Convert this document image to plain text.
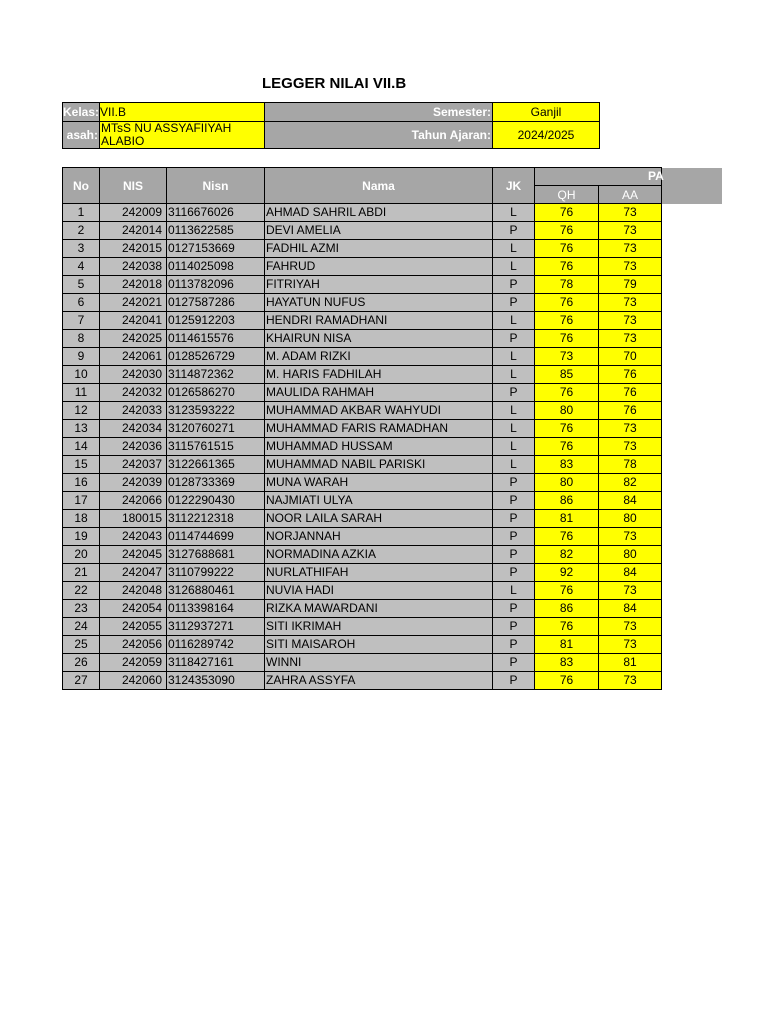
LEGGER NILAI VII.B
Kelas:	VII.B	Semester:	Ganjil
asah:	MTsS NU ASSYAFIIYAH ALABIO	Tahun Ajaran:	2024/2025
No	NIS	Nisn	Nama	JK		
					QH	AA
1	242009	3116676026	AHMAD SAHRIL ABDI	L	76	73
2	242014	0113622585	DEVI AMELIA	P	76	73
3	242015	0127153669	FADHIL AZMI	L	76	73
4	242038	0114025098	FAHRUD	L	76	73
5	242018	0113782096	FITRIYAH	P	78	79
6	242021	0127587286	HAYATUN NUFUS	P	76	73
7	242041	0125912203	HENDRI RAMADHANI	L	76	73
8	242025	0114615576	KHAIRUN NISA	P	76	73
9	242061	0128526729	M. ADAM RIZKI	L	73	70
10	242030	3114872362	M. HARIS FADHILAH	L	85	76
11	242032	0126586270	MAULIDA RAHMAH	P	76	76
12	242033	3123593222	MUHAMMAD AKBAR WAHYUDI	L	80	76
13	242034	3120760271	MUHAMMAD FARIS RAMADHAN	L	76	73
14	242036	3115761515	MUHAMMAD HUSSAM	L	76	73
15	242037	3122661365	MUHAMMAD NABIL PARISKI	L	83	78
16	242039	0128733369	MUNA WARAH	P	80	82
17	242066	0122290430	NAJMIATI ULYA	P	86	84
18	180015	3112212318	NOOR LAILA SARAH	P	81	80
19	242043	0114744699	NORJANNAH	P	76	73
20	242045	3127688681	NORMADINA AZKIA	P	82	80
21	242047	3110799222	NURLATHIFAH	P	92	84
22	242048	3126880461	NUVIA HADI	L	76	73
23	242054	0113398164	RIZKA MAWARDANI	P	86	84
24	242055	3112937271	SITI IKRIMAH	P	76	73
25	242056	0116289742	SITI MAISAROH	P	81	73
26	242059	3118427161	WINNI	P	83	81
27	242060	3124353090	ZAHRA ASSYFA	P	76	73
PA
